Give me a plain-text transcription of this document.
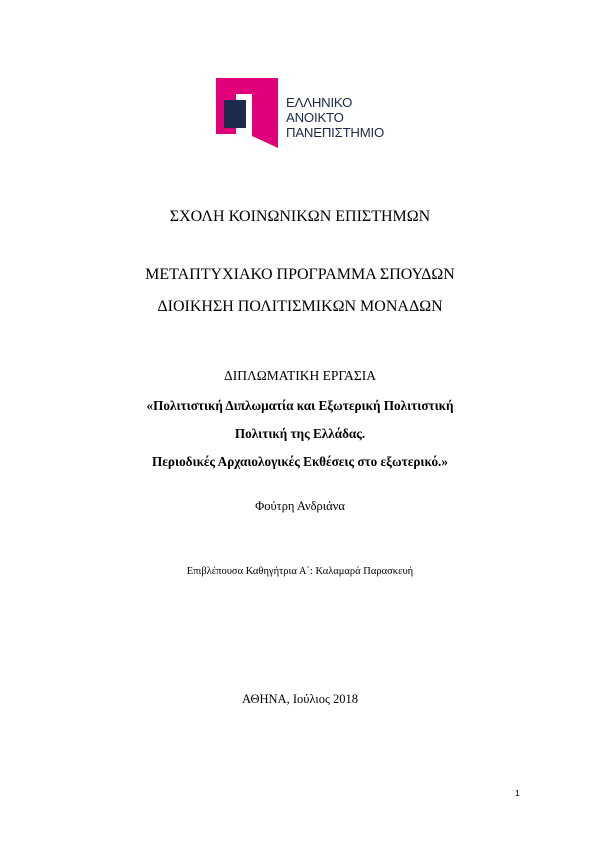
ΕΛΛΗΝΙΚΟ
ΑΝΟΙΚΤΟ
ΠΑΝΕΠΙΣΤΗΜΙΟ
ΣΧΟΛΗ ΚΟΙΝΩΝΙΚΩΝ ΕΠΙΣΤΗΜΩΝ
ΜΕΤΑΠΤΥΧΙΑΚΟ ΠΡΟΓΡΑΜΜΑ ΣΠΟΥΔΩΝ
ΔΙΟΙΚΗΣΗ ΠΟΛΙΤΙΣΜΙΚΩΝ ΜΟΝΑΔΩΝ
ΔΙΠΛΩΜΑΤΙΚΗ ΕΡΓΑΣΙΑ
«Πολιτιστική Διπλωματία και Εξωτερική Πολιτιστική
Πολιτική της Ελλάδας.
Περιοδικές Αρχαιολογικές Εκθέσεις στο εξωτερικό.»
Φούτρη Ανδριάνα
Επιβλέπουσα Καθηγήτρια Α΄: Καλαμαρά Παρασκευή
ΑΘΗΝΑ, Ιούλιος 2018
1
